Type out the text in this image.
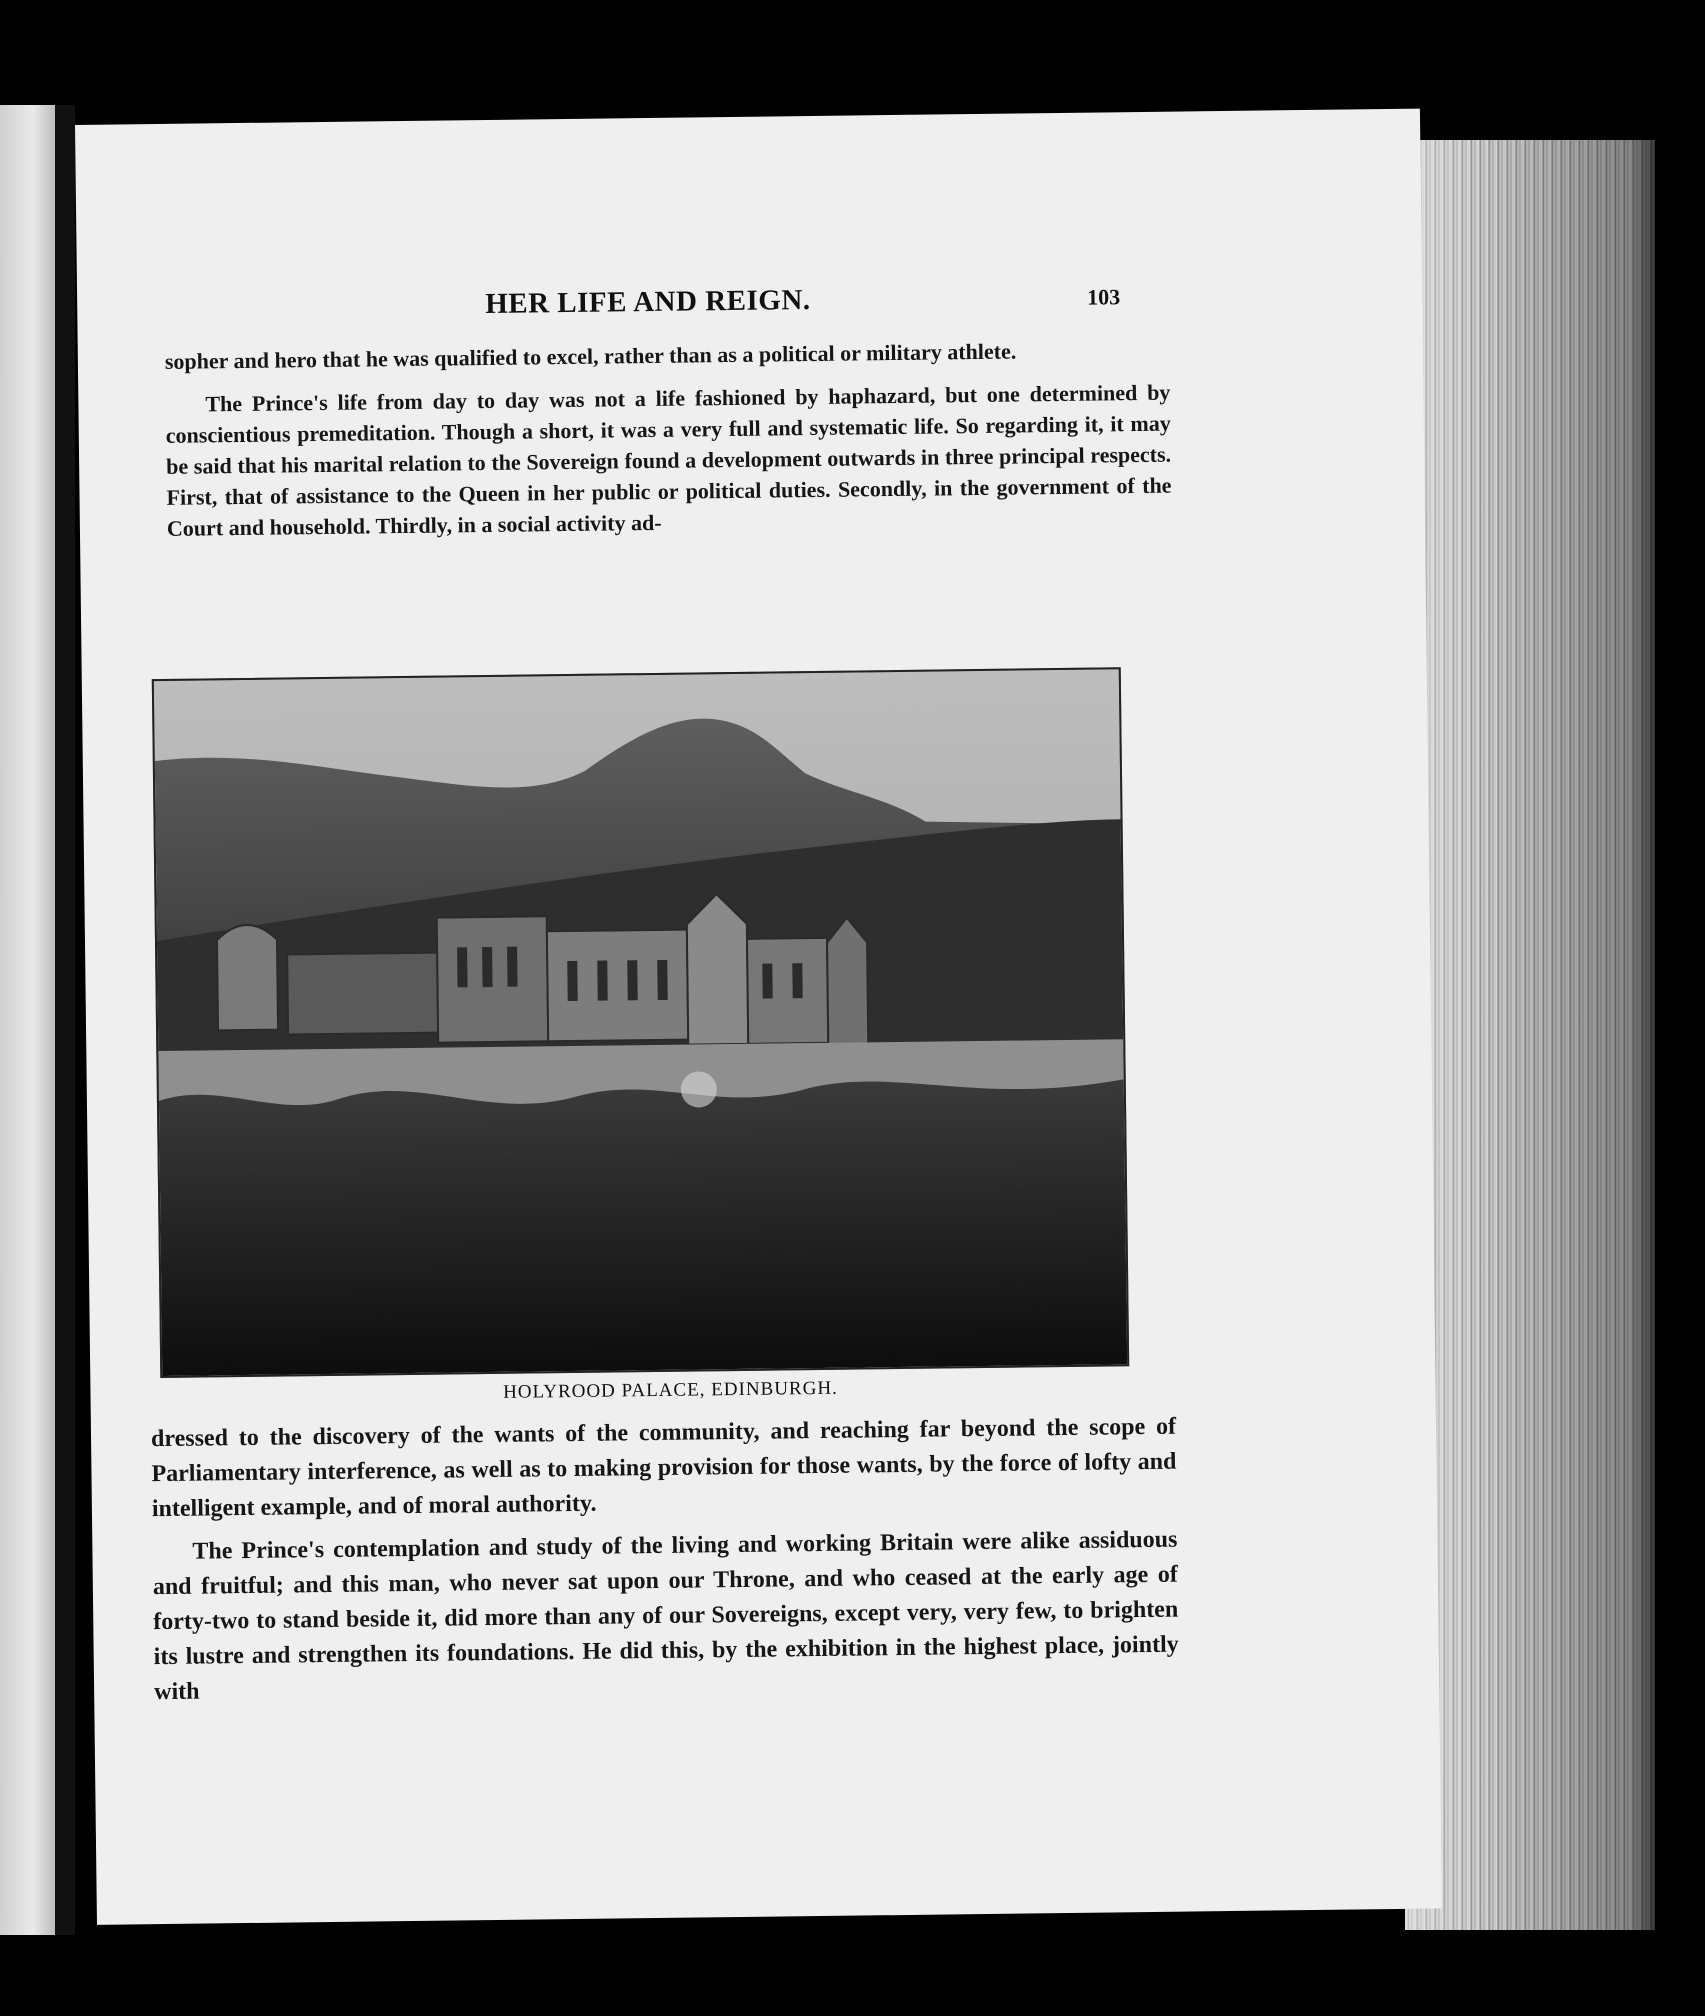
HER LIFE AND REIGN.	103
sopher and hero that he was qualified to excel, rather than as a political or military athlete.
The Prince's life from day to day was not a life fashioned by haphazard, but one determined by conscientious premeditation. Though a short, it was a very full and systematic life. So regarding it, it may be said that his marital relation to the Sovereign found a development outwards in three principal respects. First, that of assistance to the Queen in her public or political duties. Secondly, in the government of the Court and household. Thirdly, in a social activity ad-
HOLYROOD PALACE, EDINBURGH.
dressed to the discovery of the wants of the community, and reaching far beyond the scope of Parliamentary interference, as well as to making provision for those wants, by the force of lofty and intelligent example, and of moral authority.
The Prince's contemplation and study of the living and working Britain were alike assiduous and fruitful; and this man, who never sat upon our Throne, and who ceased at the early age of forty-two to stand beside it, did more than any of our Sovereigns, except very, very few, to brighten its lustre and strengthen its foundations. He did this, by the exhibition in the highest place, jointly with
